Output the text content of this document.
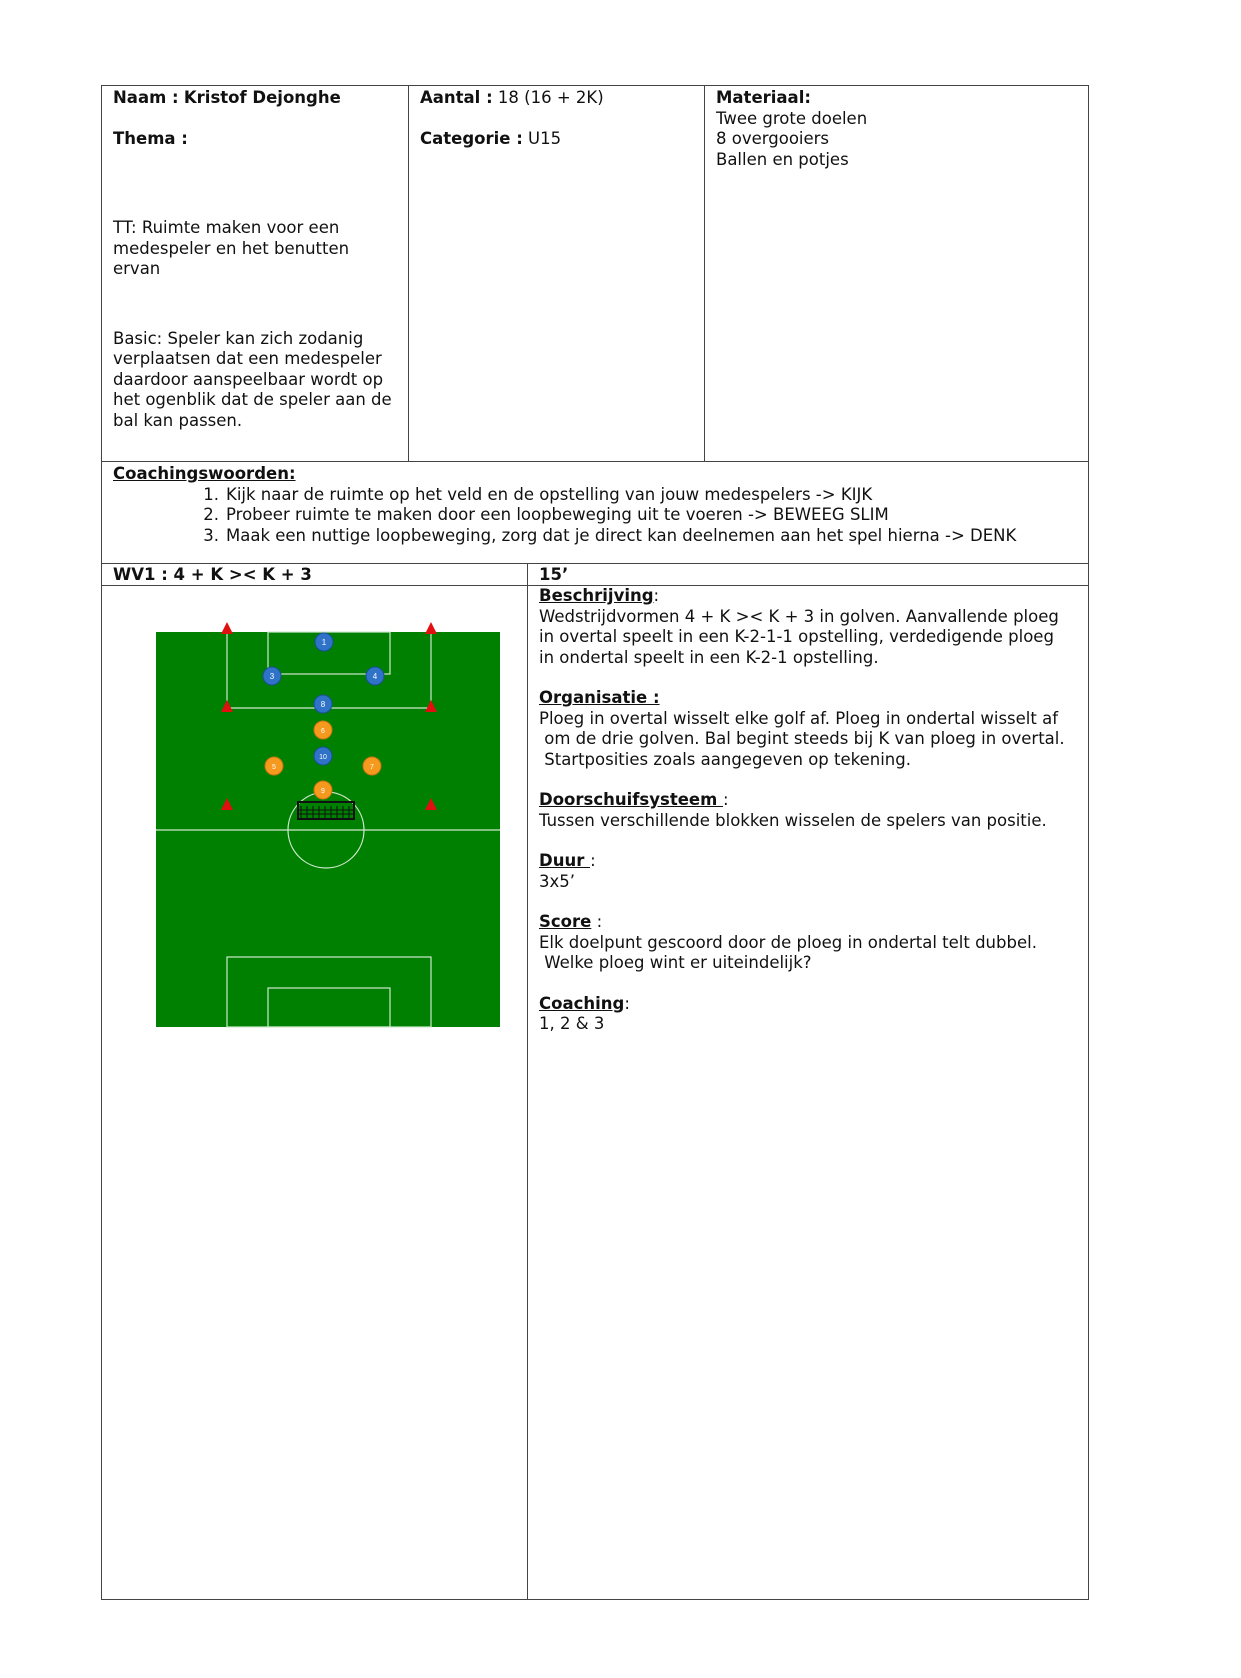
Naam : Kristof Dejonghe
Thema :
TT: Ruimte maken voor een
medespeler en het benutten
ervan
Basic: Speler kan zich zodanig
verplaatsen dat een medespeler
daardoor aanspeelbaar wordt op
het ogenblik dat de speler aan de
bal kan passen.
Aantal : 18 (16 + 2K)
Categorie : U15
Materiaal:
Twee grote doelen
8 overgooiers
Ballen en potjes
Coachingswoorden:
1. Kijk naar de ruimte op het veld en de opstelling van jouw medespelers -> KIJK
2. Probeer ruimte te maken door een loopbeweging uit te voeren -> BEWEEG SLIM
3. Maak een nuttige loopbeweging, zorg dat je direct kan deelnemen aan het spel hierna -> DENK
WV1 : 4 + K >< K + 3	15’
1
3	4
8
10
6
5	7
9
Beschrijving:
Wedstrijdvormen 4 + K >< K + 3 in golven. Aanvallende ploeg
in overtal speelt in een K-2-1-1 opstelling, verdedigende ploeg
in ondertal speelt in een K-2-1 opstelling.
Organisatie :
Ploeg in overtal wisselt elke golf af. Ploeg in ondertal wisselt af
om de drie golven. Bal begint steeds bij K van ploeg in overtal.
Startposities zoals aangegeven op tekening.
Doorschuifsysteem :
Tussen verschillende blokken wisselen de spelers van positie.
Duur :
3x5’
Score :
Elk doelpunt gescoord door de ploeg in ondertal telt dubbel.
Welke ploeg wint er uiteindelijk?
Coaching:
1, 2 & 3
